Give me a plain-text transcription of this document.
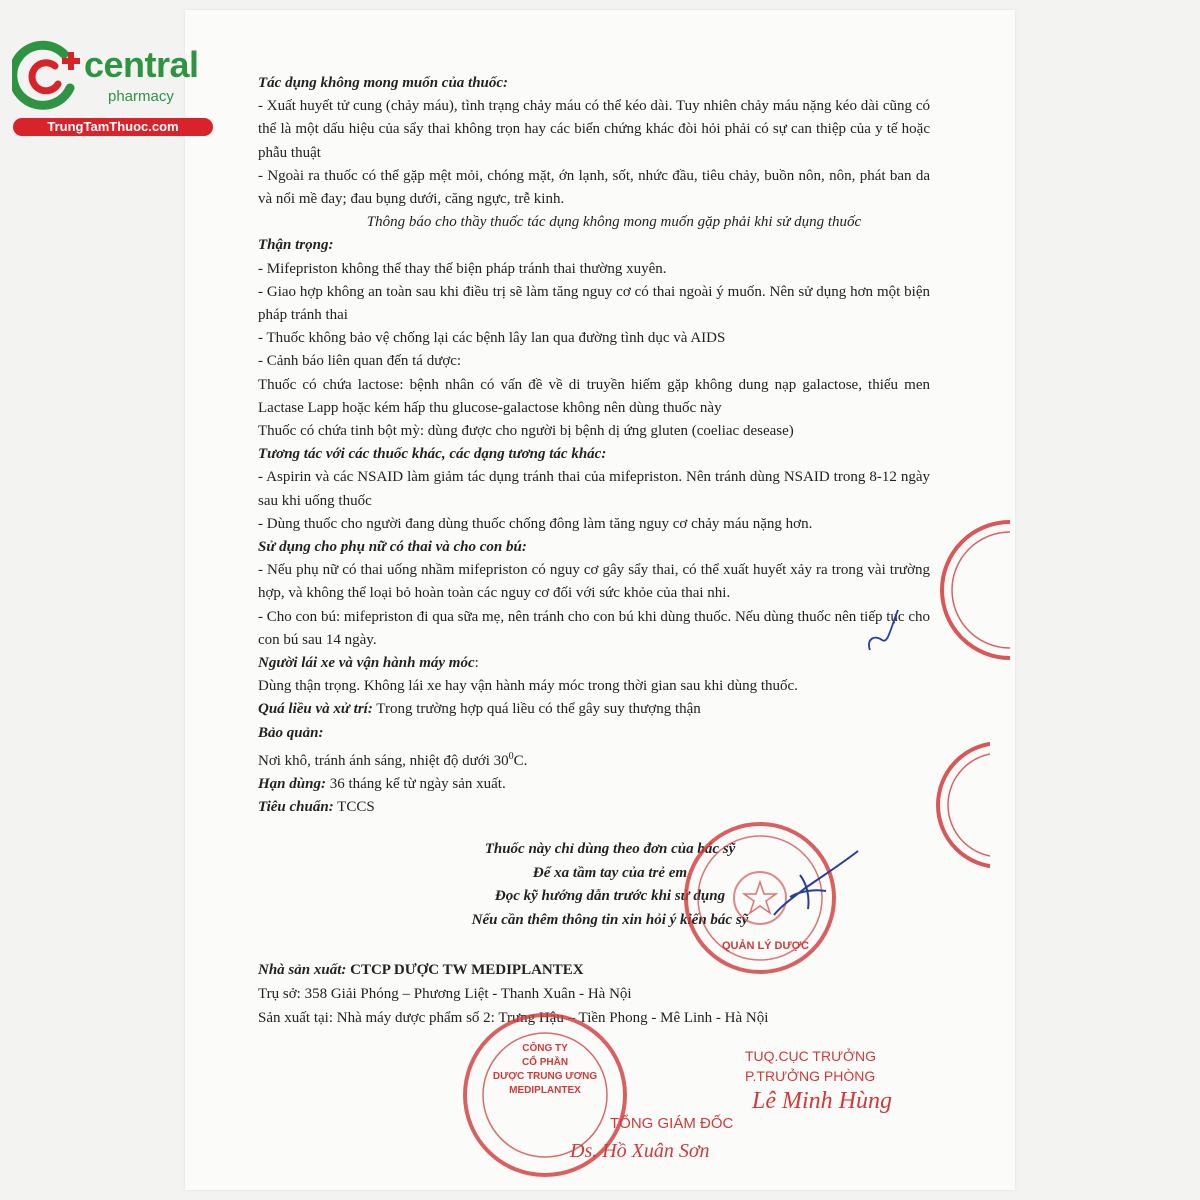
central
pharmacy
TrungTamThuoc.com

Tác dụng không mong muốn của thuốc:

- Xuất huyết tử cung (chảy máu), tình trạng chảy máu có thể kéo dài. Tuy nhiên chảy máu nặng kéo dài cũng có thể là một dấu hiệu của sẩy thai không trọn hay các biến chứng khác đòi hỏi phải có sự can thiệp của y tế hoặc phẫu thuật

- Ngoài ra thuốc có thể gặp mệt mỏi, chóng mặt, ớn lạnh, sốt, nhức đầu, tiêu chảy, buồn nôn, nôn, phát ban da và nổi mề đay; đau bụng dưới, căng ngực, trễ kinh.

Thông báo cho thầy thuốc tác dụng không mong muốn gặp phải khi sử dụng thuốc

Thận trọng:

- Mifepriston không thể thay thế biện pháp tránh thai thường xuyên.

- Giao hợp không an toàn sau khi điều trị sẽ làm tăng nguy cơ có thai ngoài ý muốn. Nên sử dụng hơn một biện pháp tránh thai

- Thuốc không bảo vệ chống lại các bệnh lây lan qua đường tình dục và AIDS

- Cảnh báo liên quan đến tá dược:

Thuốc có chứa lactose: bệnh nhân có vấn đề về di truyền hiếm gặp không dung nạp galactose, thiếu men Lactase Lapp hoặc kém hấp thu glucose-galactose không nên dùng thuốc này

Thuốc có chứa tinh bột mỳ: dùng được cho người bị bệnh dị ứng gluten (coeliac desease)

Tương tác với các thuốc khác, các dạng tương tác khác:

- Aspirin và các NSAID làm giảm tác dụng tránh thai của mifepriston. Nên tránh dùng NSAID trong 8-12 ngày sau khi uống thuốc

- Dùng thuốc cho người đang dùng thuốc chống đông làm tăng nguy cơ chảy máu nặng hơn.

Sử dụng cho phụ nữ có thai và cho con bú:

- Nếu phụ nữ có thai uống nhầm mifepriston có nguy cơ gây sẩy thai, có thể xuất huyết xảy ra trong vài trường hợp, và không thể loại bỏ hoàn toàn các nguy cơ đối với sức khỏe của thai nhi.

- Cho con bú: mifepriston đi qua sữa mẹ, nên tránh cho con bú khi dùng thuốc. Nếu dùng thuốc nên tiếp tục cho con bú sau 14 ngày.

Người lái xe và vận hành máy móc:

Dùng thận trọng. Không lái xe hay vận hành máy móc trong thời gian sau khi dùng thuốc.

Quá liều và xử trí: Trong trường hợp quá liều có thể gây suy thượng thận

Bảo quản:

Nơi khô, tránh ánh sáng, nhiệt độ dưới $30^0C$.

Hạn dùng: 36 tháng kể từ ngày sản xuất.

Tiêu chuẩn: TCCS

Thuốc này chỉ dùng theo đơn của bác sỹ

Để xa tầm tay của trẻ em

Đọc kỹ hướng dẫn trước khi sử dụng

Nếu cần thêm thông tin xin hỏi ý kiến bác sỹ

Nhà sản xuất: CTCP DƯỢC TW MEDIPLANTEX

Trụ sở: 358 Giải Phóng – Phương Liệt - Thanh Xuân - Hà Nội

Sản xuất tại: Nhà máy dược phẩm số 2: Trưng Hậu – Tiền Phong - Mê Linh - Hà Nội

QUẢN LÝ DƯỢC
CÔNG TY
CỔ PHẦN
DƯỢC TRUNG ƯƠNG
MEDIPLANTEX
TỔNG GIÁM ĐỐC
Ds. Hồ Xuân Sơn
TUQ.CỤC TRƯỞNG
P.TRƯỞNG PHÒNG
Lê Minh Hùng
